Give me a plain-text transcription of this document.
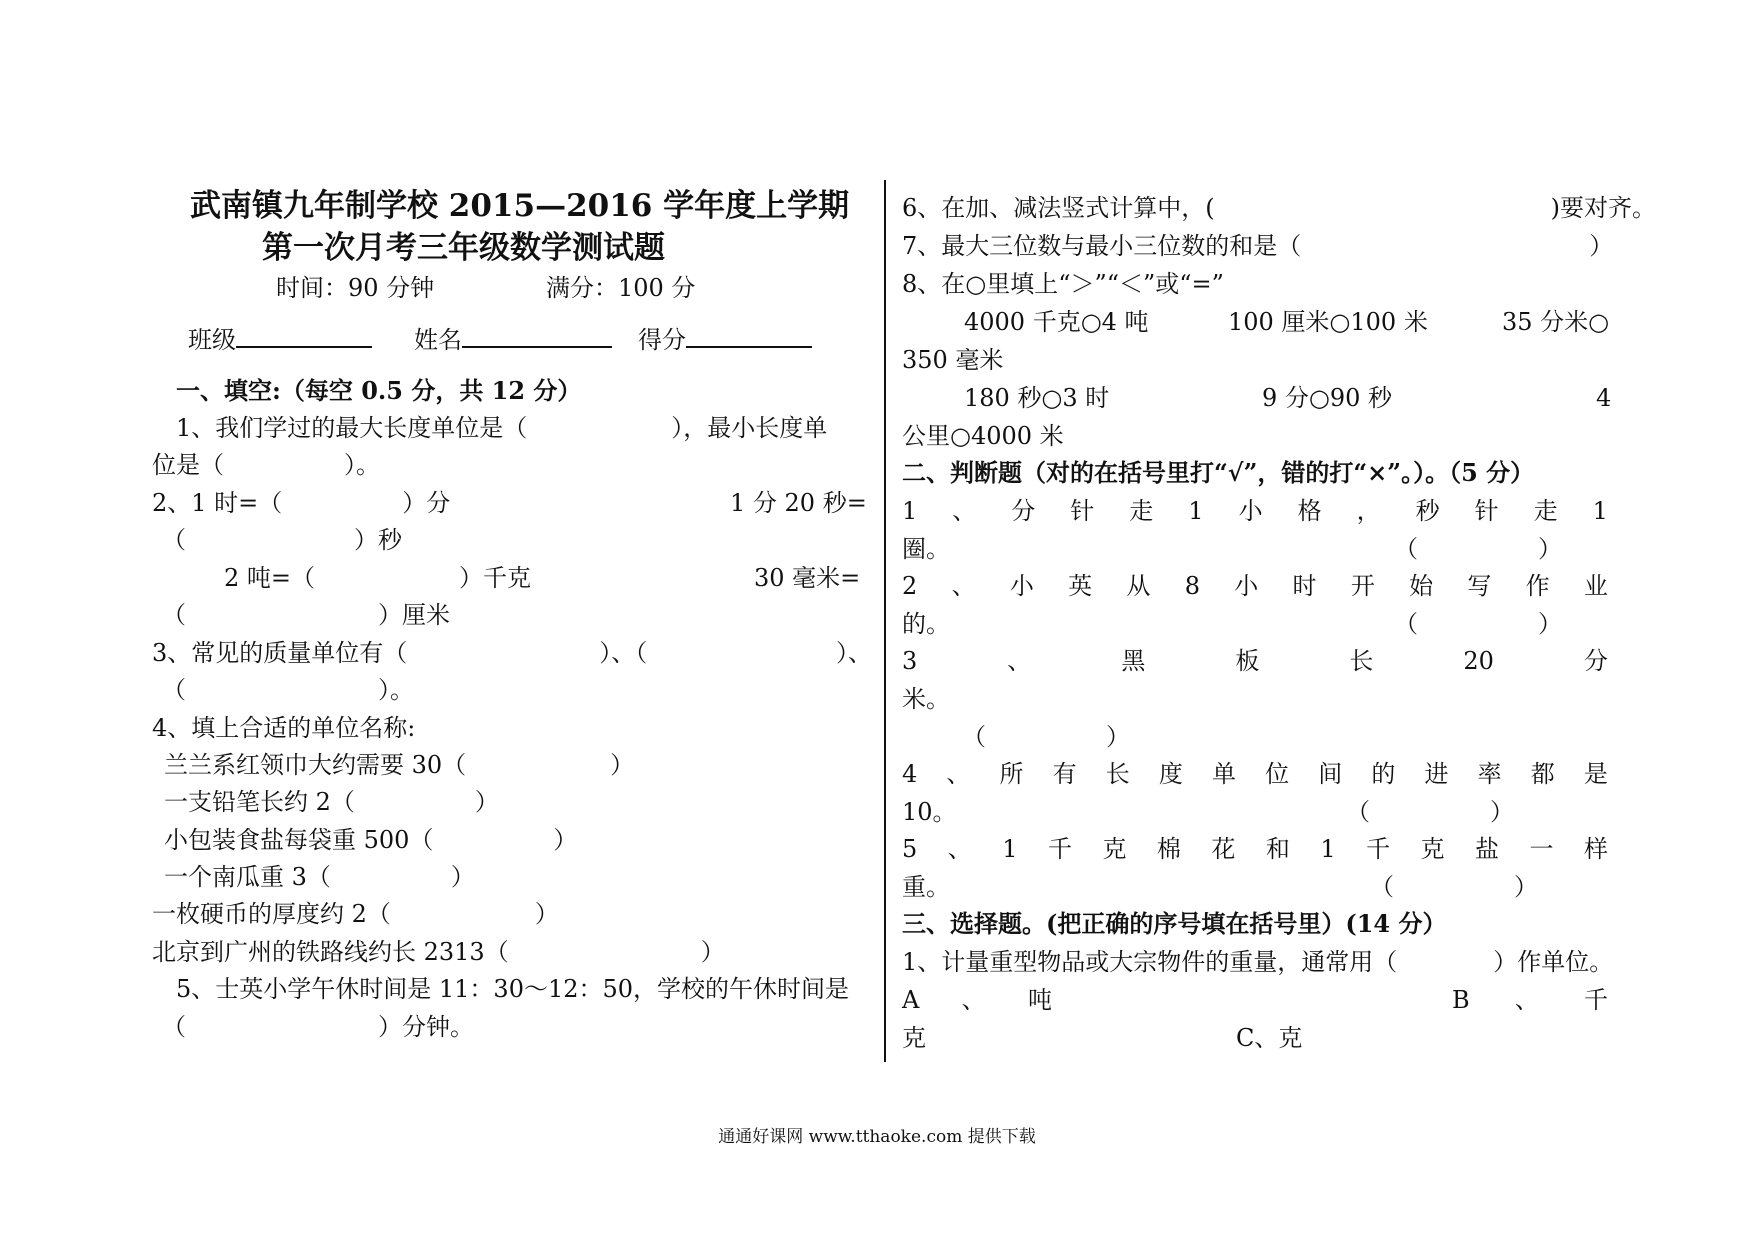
武南镇九年制学校 2015—2016 学年度上学期
第一次月考三年级数学测试题
时间：90 分钟	满分：100 分
班级	姓名	得分
一、填空:（每空 0.5 分，共 12 分）
1、我们学过的最大长度单位是（　　　　　　），最小长度单
位是（　　　　　）。
2、1 时=（　　　　　）分	1 分 20 秒=
（　　　　　　　）秒
2 吨=（　　　　　　）千克	30 毫米=
（　　　　　　　　）厘米
3、常见的质量单位有（　　　　　　　　）、（	）、
（　　　　　　　　）。
4、填上合适的单位名称:
兰兰系红领巾大约需要 30（　　　　　　）
一支铅笔长约 2（　　　　　）
小包装食盐每袋重 500（　　　　　）
一个南瓜重 3（　　　　　）
一枚硬币的厚度约 2（　　　　　　）
北京到广州的铁路线约长 2313（　　　　　　　　）
5、士英小学午休时间是 11：30～12：50，学校的午休时间是
（　　　　　　　　）分钟。
6、在加、减法竖式计算中，(　　　　　　　　　　　　　　)要对齐。
7、最大三位数与最小三位数的和是（　　　　　　　　　　　　）
8、在○里填上“＞”“＜”或“=”
4000 千克○4 吨	100 厘米○100 米	35 分米○
350 毫米
180 秒○3 时	9 分○90 秒	4
公里○4000 米
二、判断题（对的在括号里打“√”，错的打“×”。）。（5 分）
1 、 分 针 走 1 小 格 ， 秒 针 走 1
圈。	（　　　　　）
2 、 小 英 从 8 小 时 开 始 写 作 业
的。	（　　　　　）
3	、	黑	板	长	20	分
米。
（　　　　　）
4 、 所 有 长 度 单 位 间 的 进 率 都 是
10。	（　　　　　）
5 、 1 千 克 棉 花 和 1 千 克 盐 一 样
重。	（　　　　　）
三、选择题。(把正确的序号填在括号里）(14 分）
1、计量重型物品或大宗物件的重量，通常用（　　　　）作单位。
A 、 吨	B 、 千
克	C、克
通通好课网 www.tthaoke.com 提供下载
